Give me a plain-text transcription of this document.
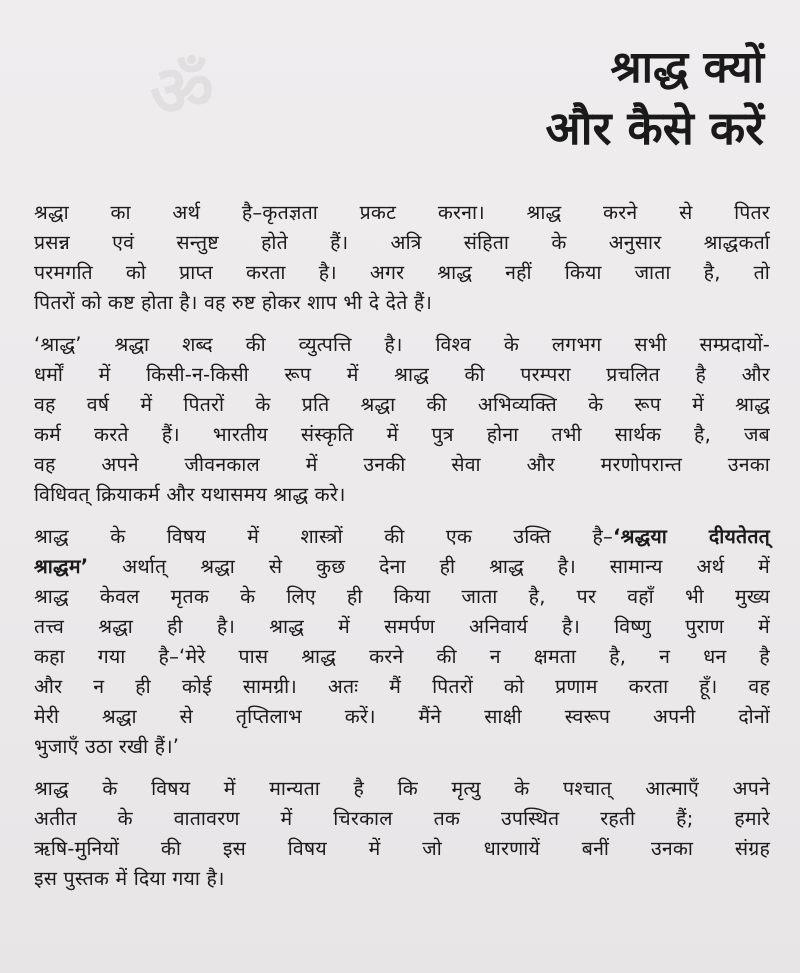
ॐ	श्राद्ध क्यों
और कैसे करें
श्रद्धा का अर्थ है–कृतज्ञता प्रकट करना। श्राद्ध करने से पितर
प्रसन्न एवं सन्तुष्ट होते हैं। अत्रि संहिता के अनुसार श्राद्धकर्ता
परमगति को प्राप्त करता है। अगर श्राद्ध नहीं किया जाता है, तो
पितरों को कष्ट होता है। वह रुष्ट होकर शाप भी दे देते हैं।
‘श्राद्ध’ श्रद्धा शब्द की व्युत्पत्ति है। विश्व के लगभग सभी सम्प्रदायों-
धर्मों में किसी-न-किसी रूप में श्राद्ध की परम्परा प्रचलित है और
वह वर्ष में पितरों के प्रति श्रद्धा की अभिव्यक्ति के रूप में श्राद्ध
कर्म करते हैं। भारतीय संस्कृति में पुत्र होना तभी सार्थक है, जब
वह अपने जीवनकाल में उनकी सेवा और मरणोपरान्त उनका
विधिवत् क्रियाकर्म और यथासमय श्राद्ध करे।
श्राद्ध के विषय में शास्त्रों की एक उक्ति है–‘श्रद्धया दीयतेतत्
श्राद्धम’ अर्थात् श्रद्धा से कुछ देना ही श्राद्ध है। सामान्य अर्थ में
श्राद्ध केवल मृतक के लिए ही किया जाता है, पर वहाँ भी मुख्य
तत्त्व श्रद्धा ही है। श्राद्ध में समर्पण अनिवार्य है। विष्णु पुराण में
कहा गया है–‘मेरे पास श्राद्ध करने की न क्षमता है, न धन है
और न ही कोई सामग्री। अतः मैं पितरों को प्रणाम करता हूँ। वह
मेरी श्रद्धा से तृप्तिलाभ करें। मैंने साक्षी स्वरूप अपनी दोनों
भुजाएँ उठा रखी हैं।’
श्राद्ध के विषय में मान्यता है कि मृत्यु के पश्चात् आत्माएँ अपने
अतीत के वातावरण में चिरकाल तक उपस्थित रहती हैं; हमारे
ऋषि-मुनियों की इस विषय में जो धारणायें बनीं उनका संग्रह
इस पुस्तक में दिया गया है।
